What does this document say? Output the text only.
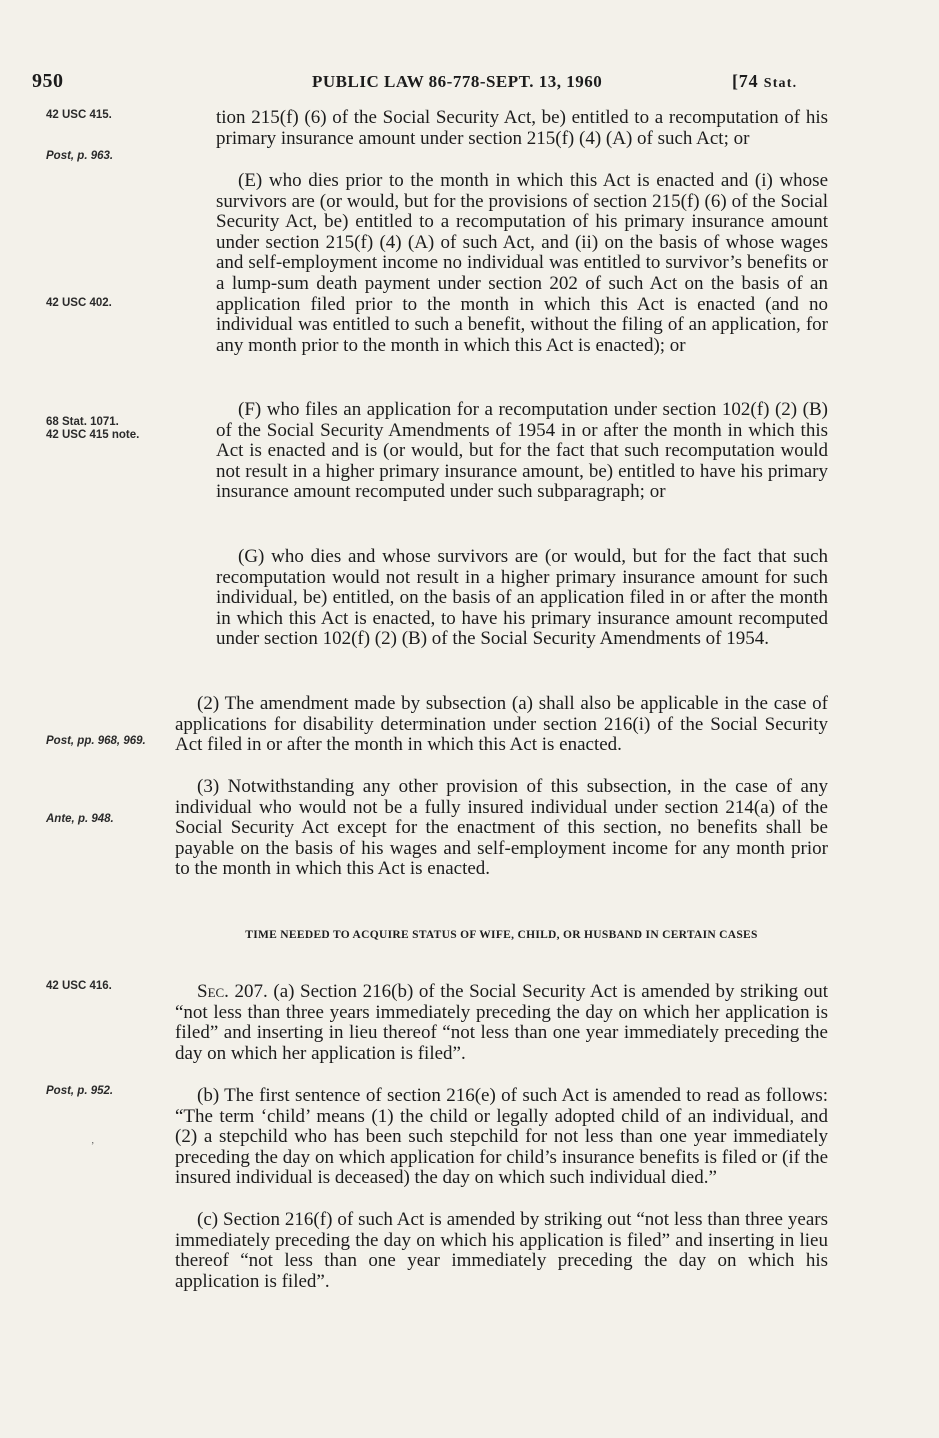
950	PUBLIC LAW 86-778-SEPT. 13, 1960	[74 Stat.
42 USC 415.
Post, p. 963.
42 USC 402.
68 Stat. 1071.
42 USC 415 note.
Post, pp. 968, 969.
Ante, p. 948.
42 USC 416.
Post, p. 952.
tion 215(f) (6) of the Social Security Act, be) entitled to a recomputation of his primary insurance amount under section 215(f) (4) (A) of such Act; or
(E) who dies prior to the month in which this Act is enacted and (i) whose survivors are (or would, but for the provisions of section 215(f) (6) of the Social Security Act, be) entitled to a recomputation of his primary insurance amount under section 215(f) (4) (A) of such Act, and (ii) on the basis of whose wages and self-employment income no individual was entitled to survivor’s benefits or a lump-sum death payment under section 202 of such Act on the basis of an application filed prior to the month in which this Act is enacted (and no individual was entitled to such a benefit, without the filing of an application, for any month prior to the month in which this Act is enacted); or
(F) who files an application for a recomputation under section 102(f) (2) (B) of the Social Security Amendments of 1954 in or after the month in which this Act is enacted and is (or would, but for the fact that such recomputation would not result in a higher primary insurance amount, be) entitled to have his primary insurance amount recomputed under such subparagraph; or
(G) who dies and whose survivors are (or would, but for the fact that such recomputation would not result in a higher primary insurance amount for such individual, be) entitled, on the basis of an application filed in or after the month in which this Act is enacted, to have his primary insurance amount recomputed under section 102(f) (2) (B) of the Social Security Amendments of 1954.
(2) The amendment made by subsection (a) shall also be applicable in the case of applications for disability determination under section 216(i) of the Social Security Act filed in or after the month in which this Act is enacted.
(3) Notwithstanding any other provision of this subsection, in the case of any individual who would not be a fully insured individual under section 214(a) of the Social Security Act except for the enactment of this section, no benefits shall be payable on the basis of his wages and self-employment income for any month prior to the month in which this Act is enacted.
TIME NEEDED TO ACQUIRE STATUS OF WIFE, CHILD, OR HUSBAND IN CERTAIN CASES
Sec. 207. (a) Section 216(b) of the Social Security Act is amended by striking out “not less than three years immediately preceding the day on which her application is filed” and inserting in lieu thereof “not less than one year immediately preceding the day on which her application is filed”.
(b) The first sentence of section 216(e) of such Act is amended to read as follows: “The term ‘child’ means (1) the child or legally adopted child of an individual, and (2) a stepchild who has been such stepchild for not less than one year immediately preceding the day on which application for child’s insurance benefits is filed or (if the insured individual is deceased) the day on which such individual died.”
(c) Section 216(f) of such Act is amended by striking out “not less than three years immediately preceding the day on which his application is filed” and inserting in lieu thereof “not less than one year immediately preceding the day on which his application is filed”.
’
